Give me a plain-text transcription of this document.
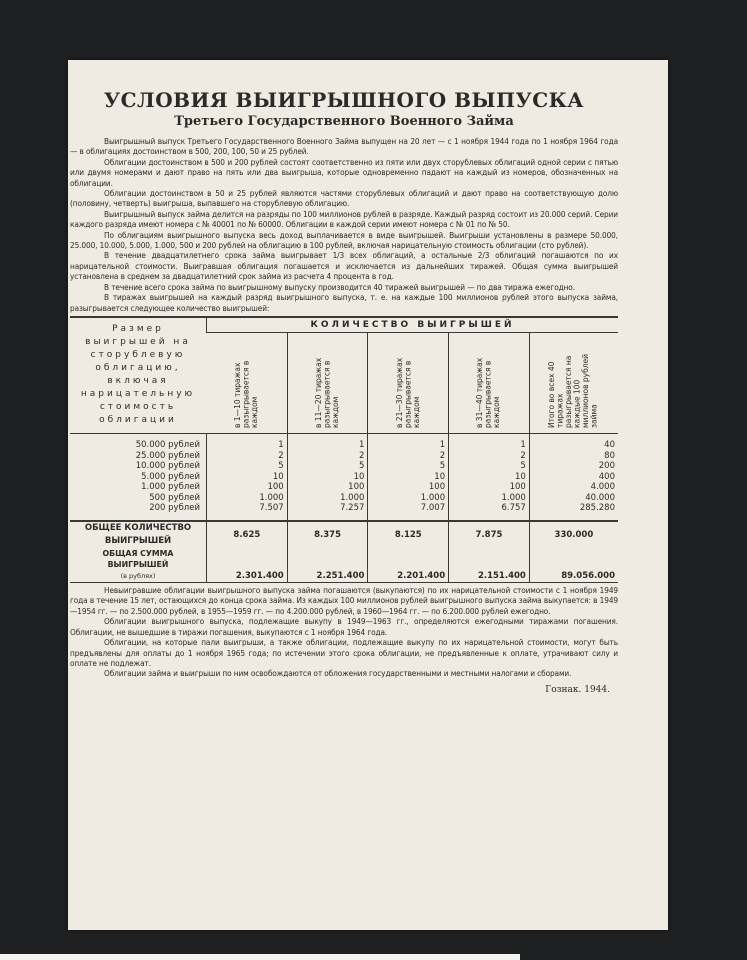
УСЛОВИЯ ВЫИГРЫШНОГО ВЫПУСКА
Третьего Государственного Военного Займа

Выигрышный выпуск Третьего Государственного Военного Займа выпущен на 20 лет — с 1 ноября 1944 года по 1 ноября 1964 года — в облигациях достоинством в 500, 200, 100, 50 и 25 рублей.

Облигации достоинством в 500 и 200 рублей состоят соответственно из пяти или двух сторублевых облигаций одной серии с пятью или двумя номерами и дают право на пять или два выигрыша, которые одновременно падают на каждый из номеров, обозначенных на облигации.

Облигации достоинством в 50 и 25 рублей являются частями сторублевых облигаций и дают право на соответствующую долю (половину, четверть) выигрыша, выпавшего на сторублевую облигацию.

Выигрышный выпуск займа делится на разряды по 100 миллионов рублей в разряде. Каждый разряд состоит из 20.000 серий. Серии каждого разряда имеют номера с № 40001 по № 60000. Облигации в каждой серии имеют номера с № 01 по № 50.

По облигациям выигрышного выпуска весь доход выплачивается в виде выигрышей. Выигрыши установлены в размере 50.000, 25.000, 10.000, 5.000, 1.000, 500 и 200 рублей на облигацию в 100 рублей, включая нарицательную стоимость облигации (сто рублей).

В течение двадцатилетнего срока займа выигрывает 1/3 всех облигаций, а остальные 2/3 облигаций погашаются по их нарицательной стоимости. Выигравшая облигация погашается и исключается из дальнейших тиражей. Общая сумма выигрышей установлена в среднем за двадцатилетний срок займа из расчета 4 процента в год.

В течение всего срока займа по выигрышному выпуску производится 40 тиражей выигрышей — по два тиража ежегодно.

В тиражах выигрышей на каждый разряд выигрышного выпуска, т. е. на каждые 100 миллионов рублей этого выпуска займа, разыгрывается следующее количество выигрышей:

Размер выигрышей на сторублевую облигацию, включая нарицательную стоимость облигации	КОЛИЧЕСТВО ВЫИГРЫШЕЙ				
	в 1—10 тиражах разыгрывается в каждом	в 11—20 тиражах разыгрывается в каждом	в 21—30 тиражах разыгрывается в каждом	в 31—40 тиражах разыгрывается в каждом	Итого во всех 40 тиражах разыгрывается на каждые 100 миллионов рублей займа

50.000 рублей	1	1	1	1	40
25.000 рублей	2	2	2	2	80
10.000 рублей	5	5	5	5	200
5.000 рублей	10	10	10	10	400
1.000 рублей	100	100	100	100	4.000
500 рублей	1.000	1.000	1.000	1.000	40.000
200 рублей	7.507	7.257	7.007	6.757	285.280

ОБЩЕЕ КОЛИЧЕСТВО ВЫИГРЫШЕЙ	8.625	8.375	8.125	7.875	330.000
ОБЩАЯ СУММА ВЫИГРЫШЕЙ
(в рублях)	2.301.400	2.251.400	2.201.400	2.151.400	89.056.000

Невыигравшие облигации выигрышного выпуска займа погашаются (выкупаются) по их нарицательной стоимости с 1 ноября 1949 года в течение 15 лет, остающихся до конца срока займа. Из каждых 100 миллионов рублей выигрышного выпуска займа выкупается: в 1949—1954 гг. — по 2.500.000 рублей, в 1955—1959 гг. — по 4.200.000 рублей, в 1960—1964 гг. — по 6.200.000 рублей ежегодно.

Облигации выигрышного выпуска, подлежащие выкупу в 1949—1963 гг., определяются ежегодными тиражами погашения. Облигации, не вышедшие в тиражи погашения, выкупаются с 1 ноября 1964 года.

Облигации, на которые пали выигрыши, а также облигации, подлежащие выкупу по их нарицательной стоимости, могут быть предъявлены для оплаты до 1 ноября 1965 года; по истечении этого срока облигации, не предъявленные к оплате, утрачивают силу и оплате не подлежат.

Облигации займа и выигрыши по ним освобождаются от обложения государственными и местными налогами и сборами.

Гознак. 1944.
